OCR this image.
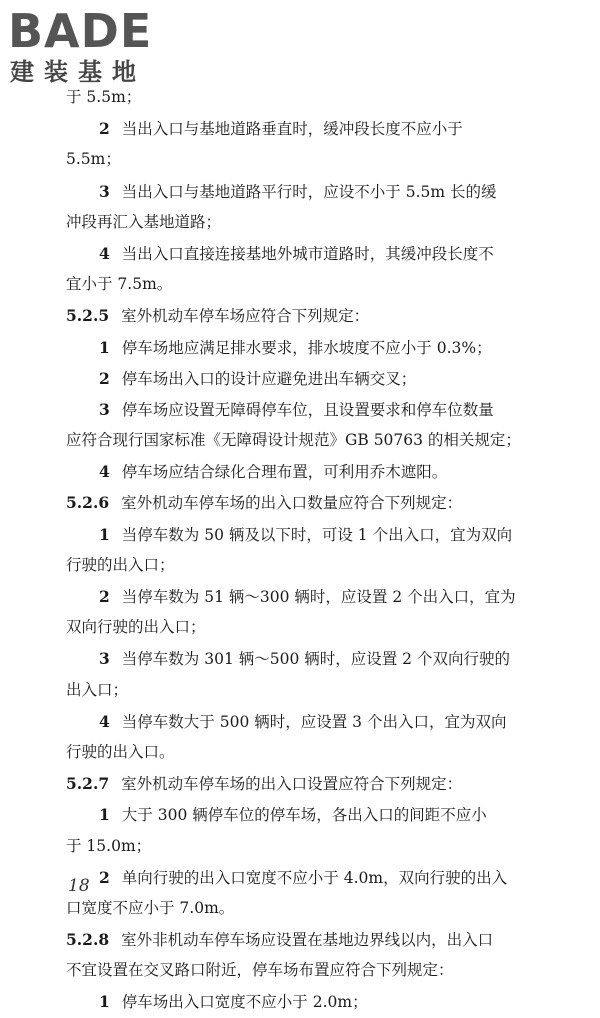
BADE
建装基地
于 5.5m；
2 当出入口与基地道路垂直时，缓冲段长度不应小于
5.5m；
3 当出入口与基地道路平行时，应设不小于 5.5m 长的缓
冲段再汇入基地道路；
4 当出入口直接连接基地外城市道路时，其缓冲段长度不
宜小于 7.5m。
5.2.5 室外机动车停车场应符合下列规定：
1 停车场地应满足排水要求，排水坡度不应小于 0.3%；
2 停车场出入口的设计应避免进出车辆交叉；
3 停车场应设置无障碍停车位，且设置要求和停车位数量
应符合现行国家标准《无障碍设计规范》GB 50763 的相关规定；
4 停车场应结合绿化合理布置，可利用乔木遮阳。
5.2.6 室外机动车停车场的出入口数量应符合下列规定：
1 当停车数为 50 辆及以下时，可设 1 个出入口，宜为双向
行驶的出入口；
2 当停车数为 51 辆～300 辆时，应设置 2 个出入口，宜为
双向行驶的出入口；
3 当停车数为 301 辆～500 辆时，应设置 2 个双向行驶的
出入口；
4 当停车数大于 500 辆时，应设置 3 个出入口，宜为双向
行驶的出入口。
5.2.7 室外机动车停车场的出入口设置应符合下列规定：
1 大于 300 辆停车位的停车场，各出入口的间距不应小
于 15.0m；
2 单向行驶的出入口宽度不应小于 4.0m，双向行驶的出入
口宽度不应小于 7.0m。
5.2.8 室外非机动车停车场应设置在基地边界线以内，出入口
不宜设置在交叉路口附近，停车场布置应符合下列规定：
1 停车场出入口宽度不应小于 2.0m；
18
